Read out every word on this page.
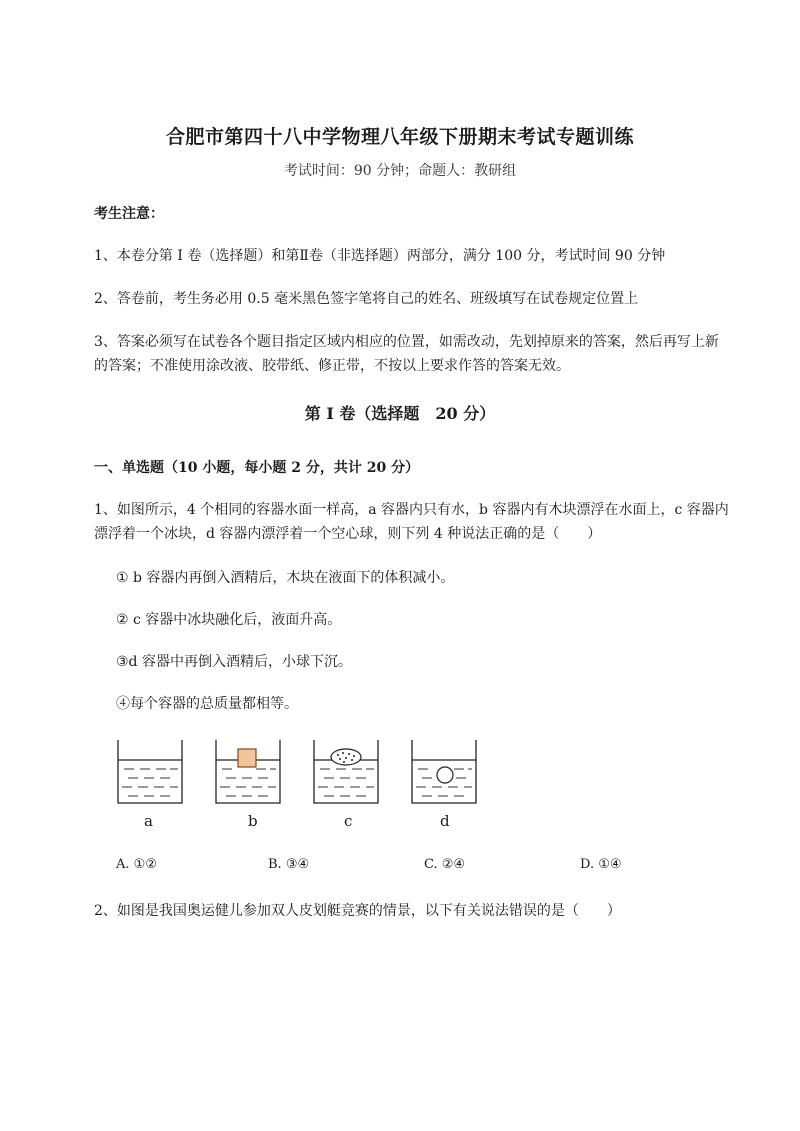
合肥市第四十八中学物理八年级下册期末考试专题训练
考试时间：90 分钟；命题人：教研组
考生注意：
1、本卷分第 I 卷（选择题）和第Ⅱ卷（非选择题）两部分，满分 100 分，考试时间 90 分钟
2、答卷前，考生务必用 0.5 毫米黑色签字笔将自己的姓名、班级填写在试卷规定位置上
3、答案必须写在试卷各个题目指定区域内相应的位置，如需改动，先划掉原来的答案，然后再写上新
的答案；不准使用涂改液、胶带纸、修正带，不按以上要求作答的答案无效。
第 I 卷（选择题　20 分）
一、单选题（10 小题，每小题 2 分，共计 20 分）
1、如图所示，4 个相同的容器水面一样高，a 容器内只有水，b 容器内有木块漂浮在水面上，c 容器内
漂浮着一个冰块，d 容器内漂浮着一个空心球，则下列 4 种说法正确的是（　　）
① b 容器内再倒入酒精后，木块在液面下的体积减小。
② c 容器中冰块融化后，液面升高。
③d 容器中再倒入酒精后，小球下沉。
④每个容器的总质量都相等。
a	b	c	d
A. ①②	B. ③④	C. ②④	D. ①④
2、如图是我国奥运健儿参加双人皮划艇竞赛的情景，以下有关说法错误的是（　　）
